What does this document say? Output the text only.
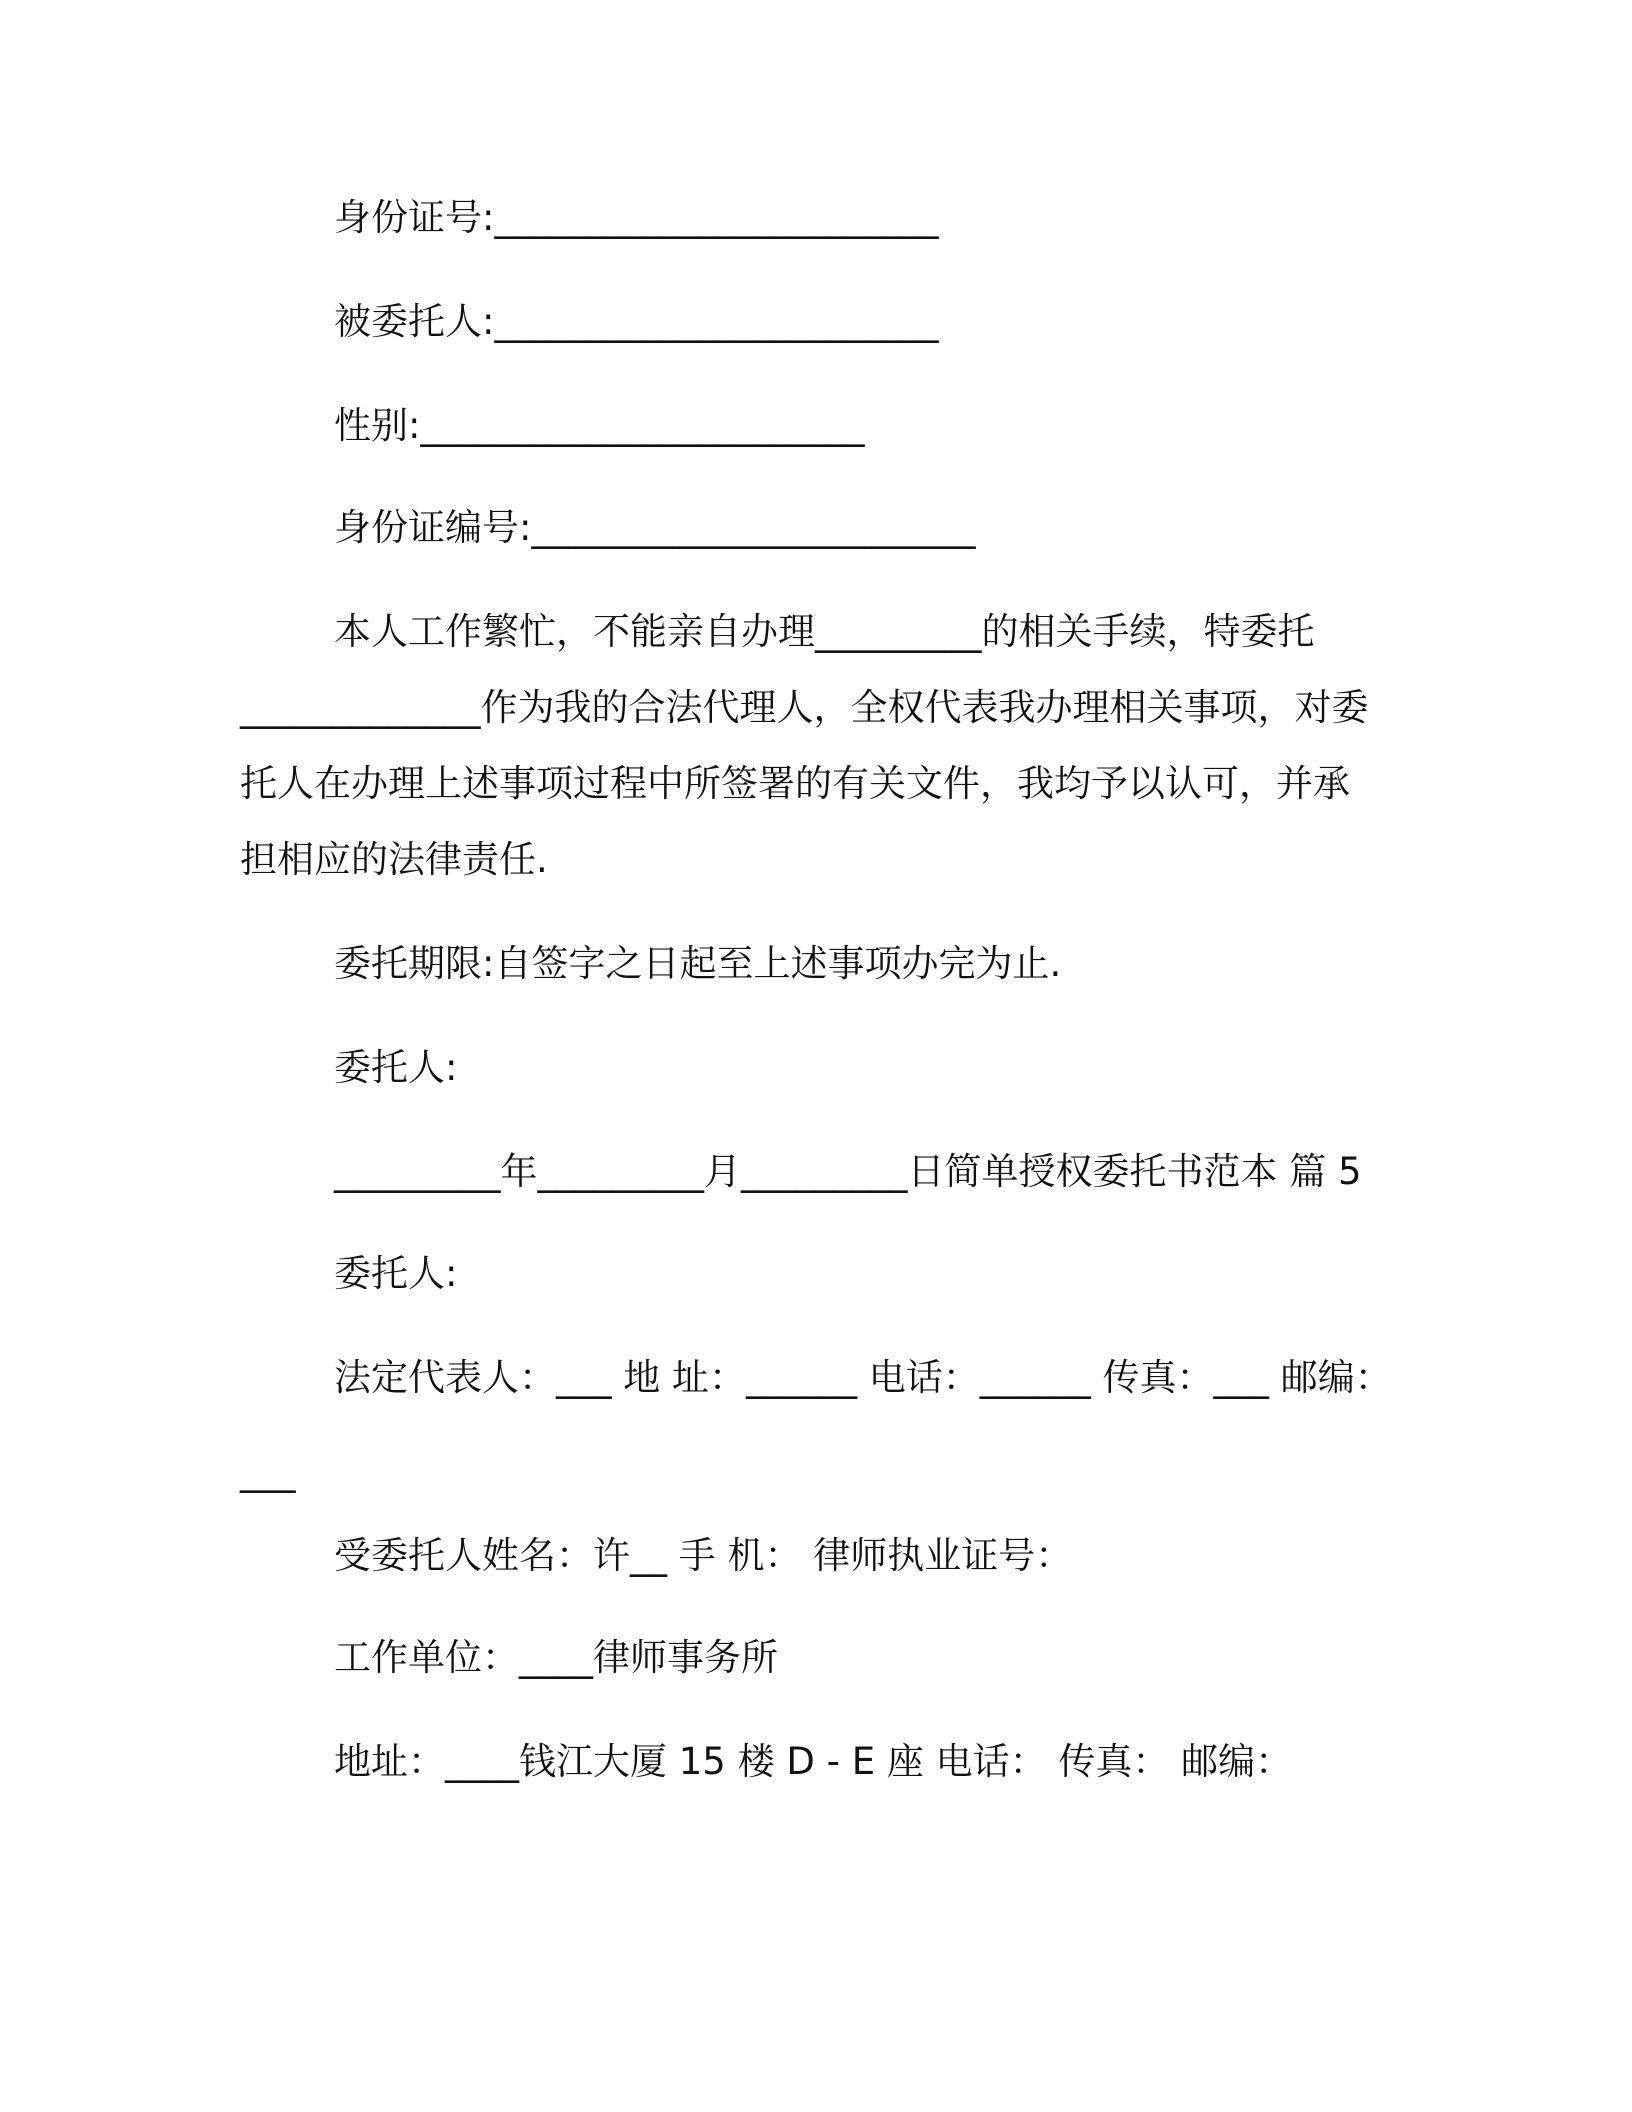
身份证号:________________________
被委托人:________________________
性别:________________________
身份证编号:________________________
本人工作繁忙，不能亲自办理_________的相关手续，特委托
_____________作为我的合法代理人，全权代表我办理相关事项，对委
托人在办理上述事项过程中所签署的有关文件，我均予以认可，并承
担相应的法律责任.
委托期限:自签字之日起至上述事项办完为止.
委托人:
_________年_________月_________日简单授权委托书范本 篇 5
委托人:
法定代表人：___ 地 址：______ 电话：______ 传真：___ 邮编：
___
受委托人姓名：许__ 手 机： 律师执业证号：
工作单位：____律师事务所
地址：____钱江大厦 15 楼 D - E 座 电话： 传真： 邮编：
